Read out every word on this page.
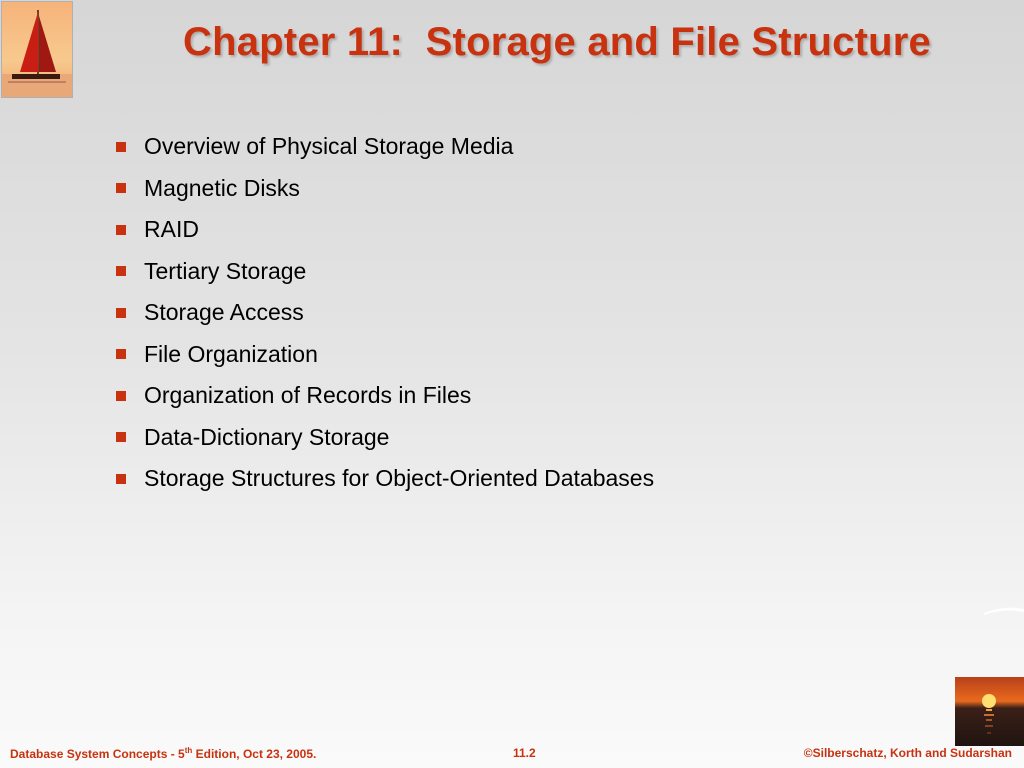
Chapter 11:  Storage and File Structure
Overview of Physical Storage Media
Magnetic Disks
RAID
Tertiary Storage
Storage Access
File Organization
Organization of Records in Files
Data-Dictionary Storage
Storage Structures for Object-Oriented Databases
Database System Concepts - 5th Edition, Oct 23, 2005.	11.2	©Silberschatz, Korth and Sudarshan
